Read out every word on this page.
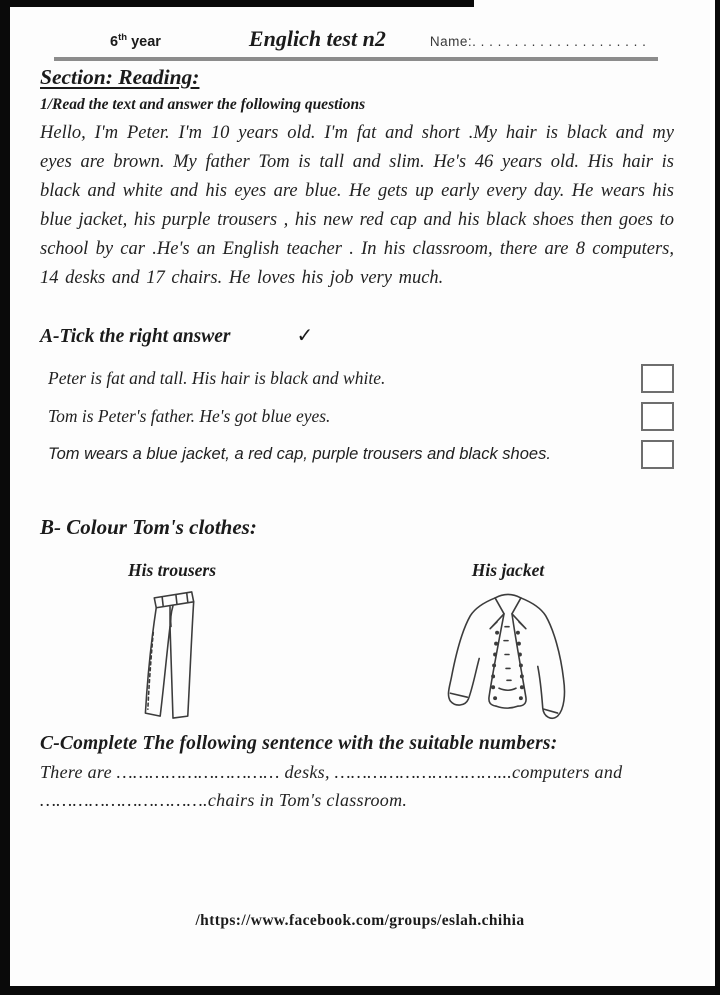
6th year	Englich test n2	Name:. . . . . . . . . . . . . . . . . . . . .
Section: Reading:
1/Read the text and answer the following questions

Hello, I'm Peter. I'm 10 years old. I'm fat and short .My hair is black and my eyes are brown. My father Tom is tall and slim. He's 46 years old. His hair is black and white and his eyes are blue. He gets up early every day. He wears his blue jacket, his purple trousers , his new red cap and his black shoes then goes to school by car .He's an English teacher . In his classroom, there are 8 computers, 14 desks and 17 chairs. He loves his job very much.

A-Tick the right answer	✓
Peter is fat and tall. His hair is black and white.
Tom is Peter's father. He's got blue eyes.
Tom wears a blue jacket, a red cap, purple trousers and black shoes.
B- Colour Tom's clothes:
His trousers	His jacket
C-Complete The following sentence with the suitable numbers:
There are ………………………… desks, …………………………...computers and
………………………….chairs in Tom's classroom.
/https://www.facebook.com/groups/eslah.chihia
